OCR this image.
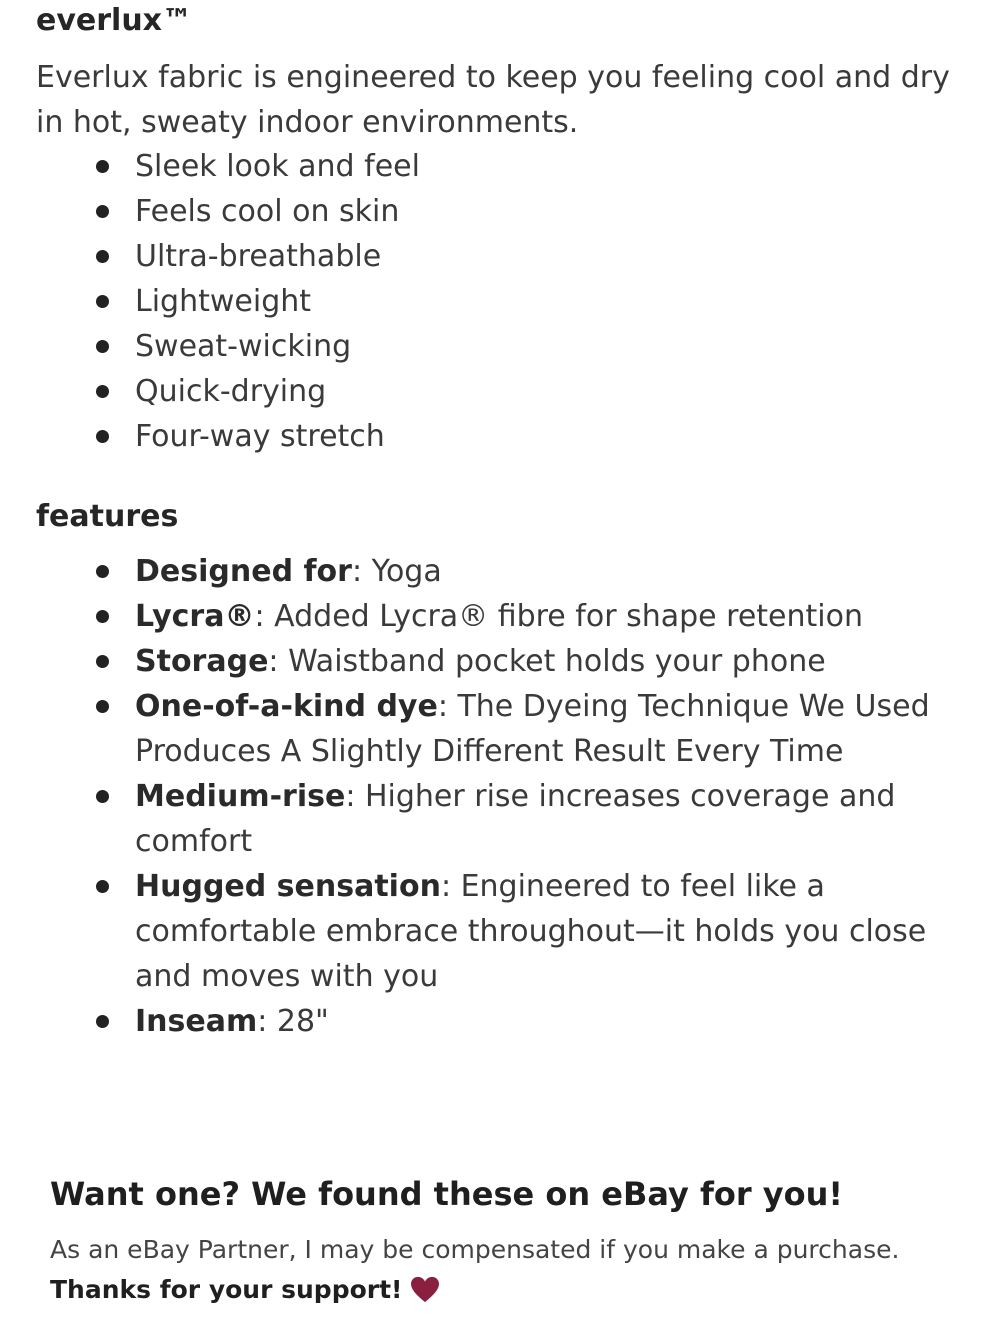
everlux™

Everlux fabric is engineered to keep you feeling cool and dry in hot, sweaty indoor environments.

Sleek look and feel
Feels cool on skin
Ultra-breathable
Lightweight
Sweat-wicking
Quick-drying
Four-way stretch
features
Designed for: Yoga
Lycra®: Added Lycra® fibre for shape retention
Storage: Waistband pocket holds your phone
One-of-a-kind dye: The Dyeing Technique We Used Produces A Slightly Different Result Every Time
Medium-rise: Higher rise increases coverage and comfort
Hugged sensation: Engineered to feel like a comfortable embrace throughout—it holds you close and moves with you
Inseam: 28"
Want one? We found these on eBay for you!

As an eBay Partner, I may be compensated if you make a purchase.

Thanks for your support!
